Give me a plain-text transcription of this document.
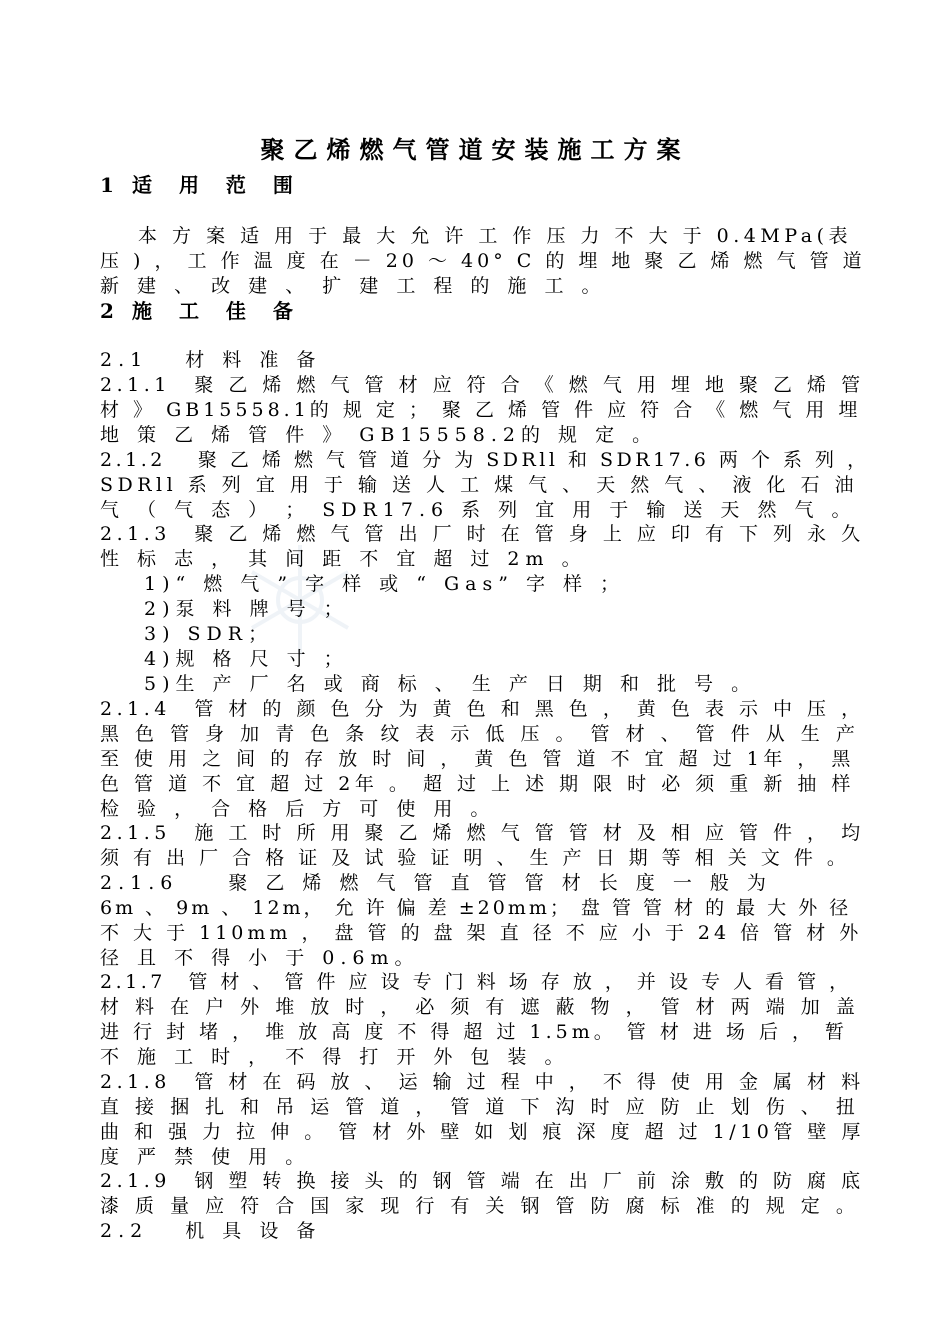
聚乙烯燃气管道安装施工方案
1 适 用 范 围
本 方 案 适 用 于 最 大 允 许 工 作 压 力 不 大 于 0.4MPa(表
压 ) ， 工 作 温 度 在 － 20 ～ 40° C 的 埋 地 聚 乙 烯 燃 气 管 道
新 建 、 改 建 、 扩 建 工 程 的 施 工 。
2 施 工 佳 备
2.1　 材 料 准 备
2.1.1　聚 乙 烯 燃 气 管 材 应 符 合 《 燃 气 用 埋 地 聚 乙 烯 管
材 》 GB15558.1的 规 定 ； 聚 乙 烯 管 件 应 符 合 《 燃 气 用 埋
地 策 乙 烯 管 件 》 GB15558.2的 规 定 。
2.1.2　 聚 乙 烯 燃 气 管 道 分 为 SDRll 和 SDR17.6 两 个 系 列 ，
SDRll 系 列 宜 用 于 输 送 人 工 煤 气 、 天 然 气 、 液 化 石 油
气 （ 气 态 ） ； SDR17.6 系 列 宜 用 于 输 送 天 然 气 。
2.1.3　聚 乙 烯 燃 气 管 出 厂 时 在 管 身 上 应 印 有 下 列 永 久
性 标 志 ， 其 间 距 不 宜 超 过 2m 。
1)“ 燃 气 ” 字 样 或 “ Gas” 字 样 ；
2)泵 料 牌 号 ；
3) SDR；
4)规 格 尺 寸 ；
5)生 产 厂 名 或 商 标 、 生 产 日 期 和 批 号 。
2.1.4　管 材 的 颜 色 分 为 黄 色 和 黑 色 ， 黄 色 表 示 中 压 ，
黑 色 管 身 加 青 色 条 纹 表 示 低 压 。 管 材 、 管 件 从 生 产
至 使 用 之 间 的 存 放 时 间 ， 黄 色 管 道 不 宜 超 过 1年 ， 黑
色 管 道 不 宜 超 过 2年 。 超 过 上 述 期 限 时 必 须 重 新 抽 样
检 验 ， 合 格 后 方 可 使 用 。
2.1.5　施 工 时 所 用 聚 乙 烯 燃 气 管 管 材 及 相 应 管 件 ， 均
须 有 出 厂 合 格 证 及 试 验 证 明 、 生 产 日 期 等 相 关 文 件 。
2.1.6　　聚 乙 烯 燃 气 管 直 管 管 材 长 度 一 般 为
6m 、 9m 、 12m， 允 许 偏 差 ±20mm； 盘 管 管 材 的 最 大 外 径
不 大 于 110mm ， 盘 管 的 盘 架 直 径 不 应 小 于 24 倍 管 材 外
径 且 不 得 小 于 0.6m。
2.1.7　管 材 、 管 件 应 设 专 门 料 场 存 放 ， 并 设 专 人 看 管 ，
材 料 在 户 外 堆 放 时 ， 必 须 有 遮 蔽 物 ， 管 材 两 端 加 盖
进 行 封 堵 ， 堆 放 高 度 不 得 超 过 1.5m。 管 材 进 场 后 ， 暂
不 施 工 时 ， 不 得 打 开 外 包 装 。
2.1.8　管 材 在 码 放 、 运 输 过 程 中 ， 不 得 使 用 金 属 材 料
直 接 捆 扎 和 吊 运 管 道 ， 管 道 下 沟 时 应 防 止 划 伤 、 扭
曲 和 强 力 拉 伸 。 管 材 外 壁 如 划 痕 深 度 超 过 1/10管 壁 厚
度 严 禁 使 用 。
2.1.9　钢 塑 转 换 接 头 的 钢 管 端 在 出 厂 前 涂 敷 的 防 腐 底
漆 质 量 应 符 合 国 家 现 行 有 关 钢 管 防 腐 标 准 的 规 定 。
2.2　 机 具 设 备
